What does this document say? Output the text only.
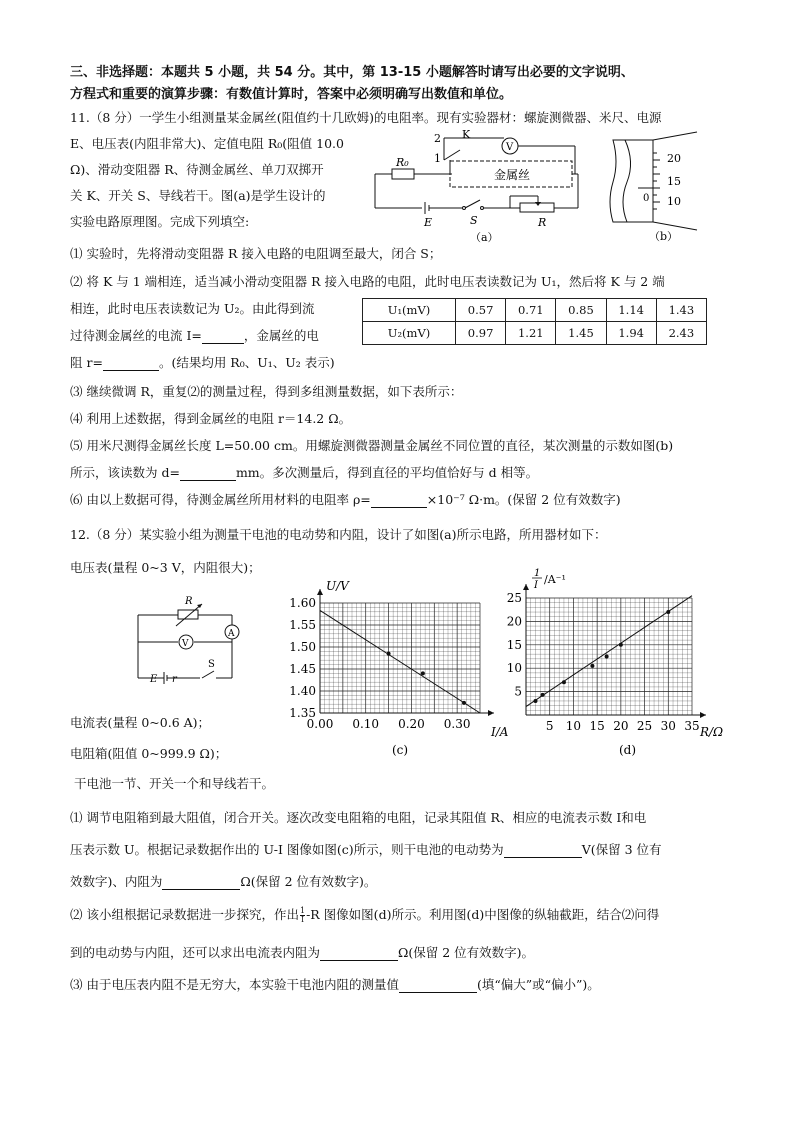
三、非选择题：本题共 5 小题，共 54 分。其中，第 13-15 小题解答时请写出必要的文字说明、
方程式和重要的演算步骤：有数值计算时，答案中必须明确写出数值和单位。
11.（8 分）一学生小组测量某金属丝(阻值约十几欧姆)的电阻率。现有实验器材：螺旋测微器、米尺、电源
E、电压表(内阻非常大)、定值电阻 R₀(阻值 10.0
Ω)、滑动变阻器 R、待测金属丝、单刀双掷开
关 K、开关 S、导线若干。图(a)是学生设计的
实验电路原理图。完成下列填空:
2
1
K
V
R₀
金属丝
E	S	R
（a）
20
15
10
0
（b）
⑴ 实验时，先将滑动变阻器 R 接入电路的电阻调至最大，闭合 S；
⑵ 将 K 与 1 端相连，适当减小滑动变阻器 R 接入电路的电阻，此时电压表读数记为 U₁，然后将 K 与 2 端
相连，此时电压表读数记为 U₂。由此得到流
过待测金属丝的电流 I=	，金属丝的电
阻 r=	。(结果均用 R₀、U₁、U₂ 表示)
U₁(mV)	0.57	0.71	0.85	1.14	1.43
U₂(mV)	0.97	1.21	1.45	1.94	2.43
⑶ 继续微调 R，重复⑵的测量过程，得到多组测量数据，如下表所示：
⑷ 利用上述数据，得到金属丝的电阻 r＝14.2 Ω。
⑸ 用米尺测得金属丝长度 L=50.00 cm。用螺旋测微器测量金属丝不同位置的直径，某次测量的示数如图(b)
所示，该读数为 d=	mm。多次测量后，得到直径的平均值恰好与 d 相等。
⑹ 由以上数据可得，待测金属丝所用材料的电阻率 ρ=	×10⁻⁷ Ω·m。(保留 2 位有效数字)
12.（8 分）某实验小组为测量干电池的电动势和内阻，设计了如图(a)所示电路，所用器材如下：
电压表(量程 0~3 V，内阻很大)；
R
V
A
E r
S
电流表(量程 0~0.6 A)；
电阻箱(阻值 0~999.9 Ω)；
U/V
I/A
(c)
0.00 0.10 0.20 0.30
1.60
1.55
1.50
1.45
1.40
1.35
1
I /A⁻¹
R/Ω
(d)
5 10 15 20 25 30 35
25
20
15
10
5
干电池一节、开关一个和导线若干。
⑴ 调节电阻箱到最大阻值，闭合开关。逐次改变电阻箱的电阻，记录其阻值 R、相应的电流表示数 I和电
压表示数 U。根据记录数据作出的 U-I 图像如图(c)所示，则干电池的电动势为	V(保留 3 位有
效数字)、内阻为	Ω(保留 2 位有效数字)。
⑵ 该小组根据记录数据进一步探究，作出 $\frac{1}{I} -R$ 图像如图(d)所示。利用图(d)中图像的纵轴截距，结合⑵问得
到的电动势与内阻，还可以求出电流表内阻为	Ω(保留 2 位有效数字)。
⑶ 由于电压表内阻不是无穷大，本实验干电池内阻的测量值	(填“偏大”或“偏小”)。
